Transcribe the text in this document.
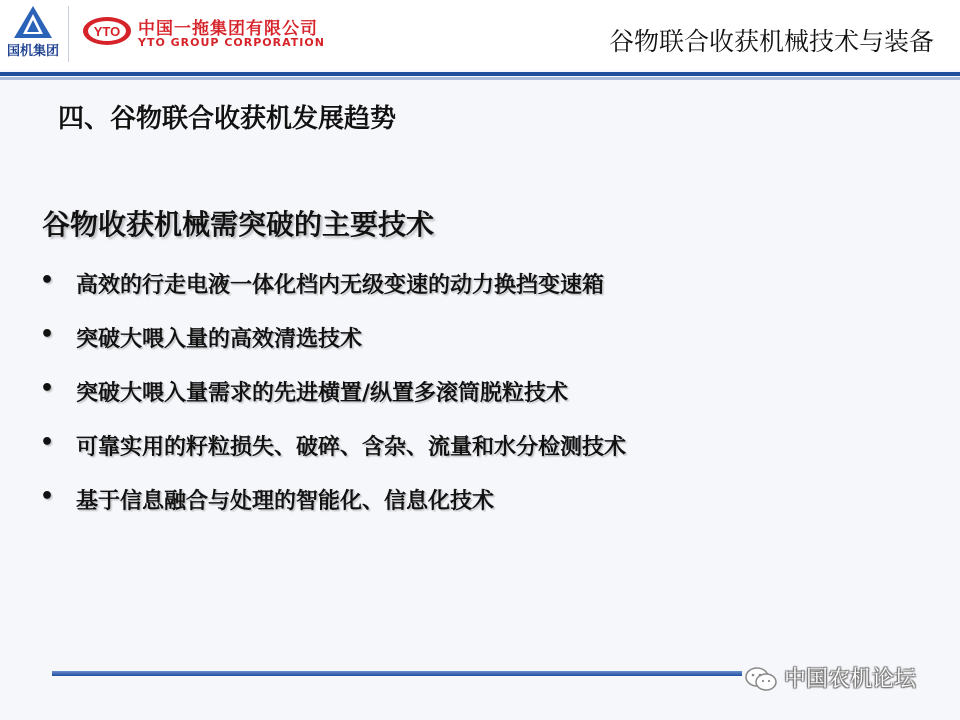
国机集团
YTO 中国一拖集团有限公司
YTO GROUP CORPORATION	谷物联合收获机械技术与装备
四、谷物联合收获机发展趋势
谷物收获机械需突破的主要技术
• 高效的行走电液一体化档内无级变速的动力换挡变速箱
• 突破大喂入量的高效清选技术
• 突破大喂入量需求的先进横置/纵置多滚筒脱粒技术
• 可靠实用的籽粒损失、破碎、含杂、流量和水分检测技术
• 基于信息融合与处理的智能化、信息化技术
中国农机论坛
